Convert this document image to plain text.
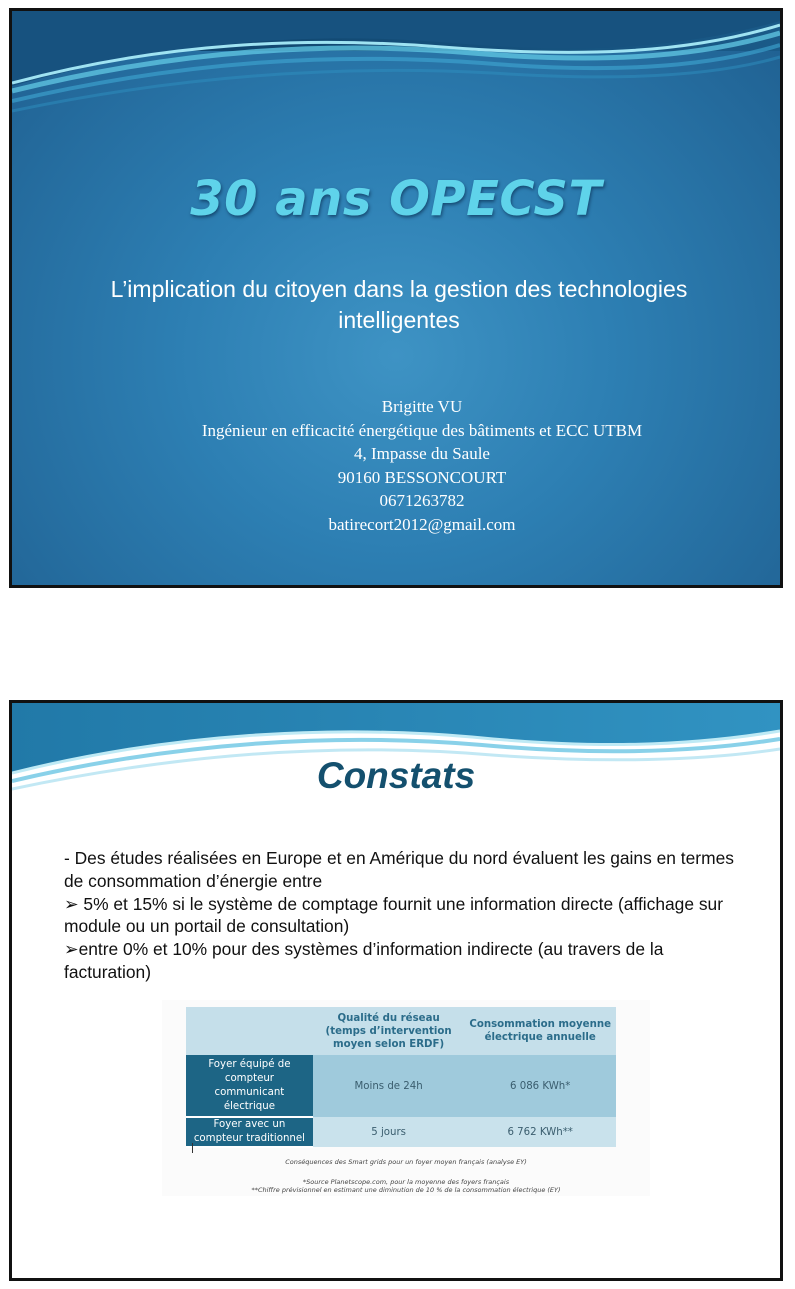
30 ans OPECST
L’implication du citoyen dans la gestion des technologies intelligentes
Brigitte VU
Ingénieur en efficacité énergétique des bâtiments et ECC UTBM
4, Impasse du Saule
90160 BESSONCOURT
0671263782
batirecort2012@gmail.com
Constats
- Des études réalisées en Europe et en Amérique du nord évaluent les gains en termes de consommation d’énergie entre
➢ 5% et 15% si le système de comptage fournit une information directe (affichage sur module ou un portail de consultation)
➢entre 0% et 10% pour des systèmes d’information indirecte (au travers de la facturation)
	Qualité du réseau (temps d’intervention moyen selon ERDF)	Consommation moyenne électrique annuelle
Foyer équipé de compteur communicant électrique	Moins de 24h	6 086 KWh*
Foyer avec un compteur traditionnel	5 jours	6 762 KWh**
Conséquences des Smart grids pour un foyer moyen français (analyse EY)
*Source Planetscope.com, pour la moyenne des foyers français
**Chiffre prévisionnel en estimant une diminution de 10 % de la consommation électrique (EY)
